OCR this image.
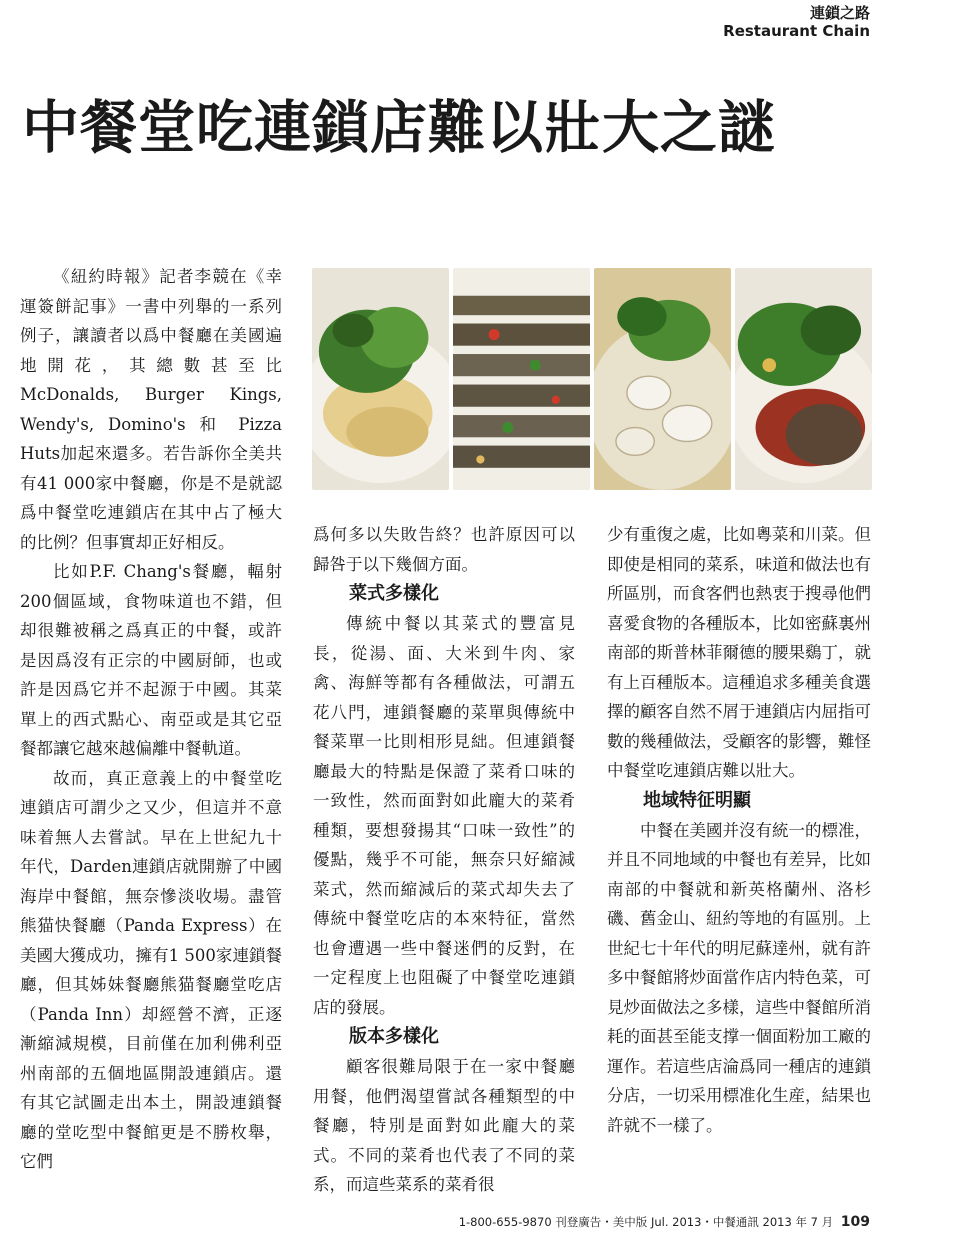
連鎖之路
Restaurant Chain
中餐堂吃連鎖店難以壯大之謎

《紐約時報》記者李競在《幸運簽餅記事》一書中列舉的一系列例子，讓讀者以爲中餐廳在美國遍地開花，其總數甚至比McDonalds, Burger Kings, Wendy's, Domino's 和 Pizza Huts加起來還多。若告訴你全美共有41 000家中餐廳，你是不是就認爲中餐堂吃連鎖店在其中占了極大的比例？但事實却正好相反。

比如P.F. Chang's餐廳，輻射200個區域，食物味道也不錯，但却很難被稱之爲真正的中餐，或許是因爲沒有正宗的中國厨師，也或許是因爲它并不起源于中國。其菜單上的西式點心、南亞或是其它亞餐都讓它越來越偏離中餐軌道。

故而，真正意義上的中餐堂吃連鎖店可謂少之又少，但這并不意味着無人去嘗試。早在上世紀九十年代，Darden連鎖店就開辦了中國海岸中餐館，無奈慘淡收場。盡管熊猫快餐廳（Panda Express）在美國大獲成功，擁有1 500家連鎖餐廳，但其姊妹餐廳熊猫餐廳堂吃店（Panda Inn）却經營不濟，正逐漸縮減規模，目前僅在加利佛利亞州南部的五個地區開設連鎖店。還有其它試圖走出本土，開設連鎖餐廳的堂吃型中餐館更是不勝枚舉，它們

爲何多以失敗告終？也許原因可以歸咎于以下幾個方面。

菜式多樣化

傳統中餐以其菜式的豐富見長，從湯、面、大米到牛肉、家禽、海鮮等都有各種做法，可謂五花八門，連鎖餐廳的菜單與傳統中餐菜單一比則相形見絀。但連鎖餐廳最大的特點是保證了菜肴口味的一致性，然而面對如此龐大的菜肴種類，要想發揚其“口味一致性”的優點，幾乎不可能，無奈只好縮減菜式，然而縮減后的菜式却失去了傳統中餐堂吃店的本來特征，當然也會遭遇一些中餐迷們的反對，在一定程度上也阻礙了中餐堂吃連鎖店的發展。

版本多樣化

顧客很難局限于在一家中餐廳用餐，他們渴望嘗試各種類型的中餐廳，特別是面對如此龐大的菜式。不同的菜肴也代表了不同的菜系，而這些菜系的菜肴很

少有重復之處，比如粵菜和川菜。但即使是相同的菜系，味道和做法也有所區別，而食客們也熱衷于搜尋他們喜愛食物的各種版本，比如密蘇裏州南部的斯普林菲爾德的腰果鷄丁，就有上百種版本。這種追求多種美食選擇的顧客自然不屑于連鎖店内屈指可數的幾種做法，受顧客的影響，難怪中餐堂吃連鎖店難以壯大。

地域特征明顯

中餐在美國并沒有統一的標准，并且不同地域的中餐也有差异，比如南部的中餐就和新英格蘭州、洛杉磯、舊金山、紐約等地的有區別。上世紀七十年代的明尼蘇達州，就有許多中餐館將炒面當作店内特色菜，可見炒面做法之多樣，這些中餐館所消耗的面甚至能支撑一個面粉加工廠的運作。若這些店淪爲同一種店的連鎖分店，一切采用標准化生産，結果也許就不一樣了。

1-800-655-9870 刊登廣告・美中版 Jul. 2013・中餐通訊 2013 年 7 月 109
